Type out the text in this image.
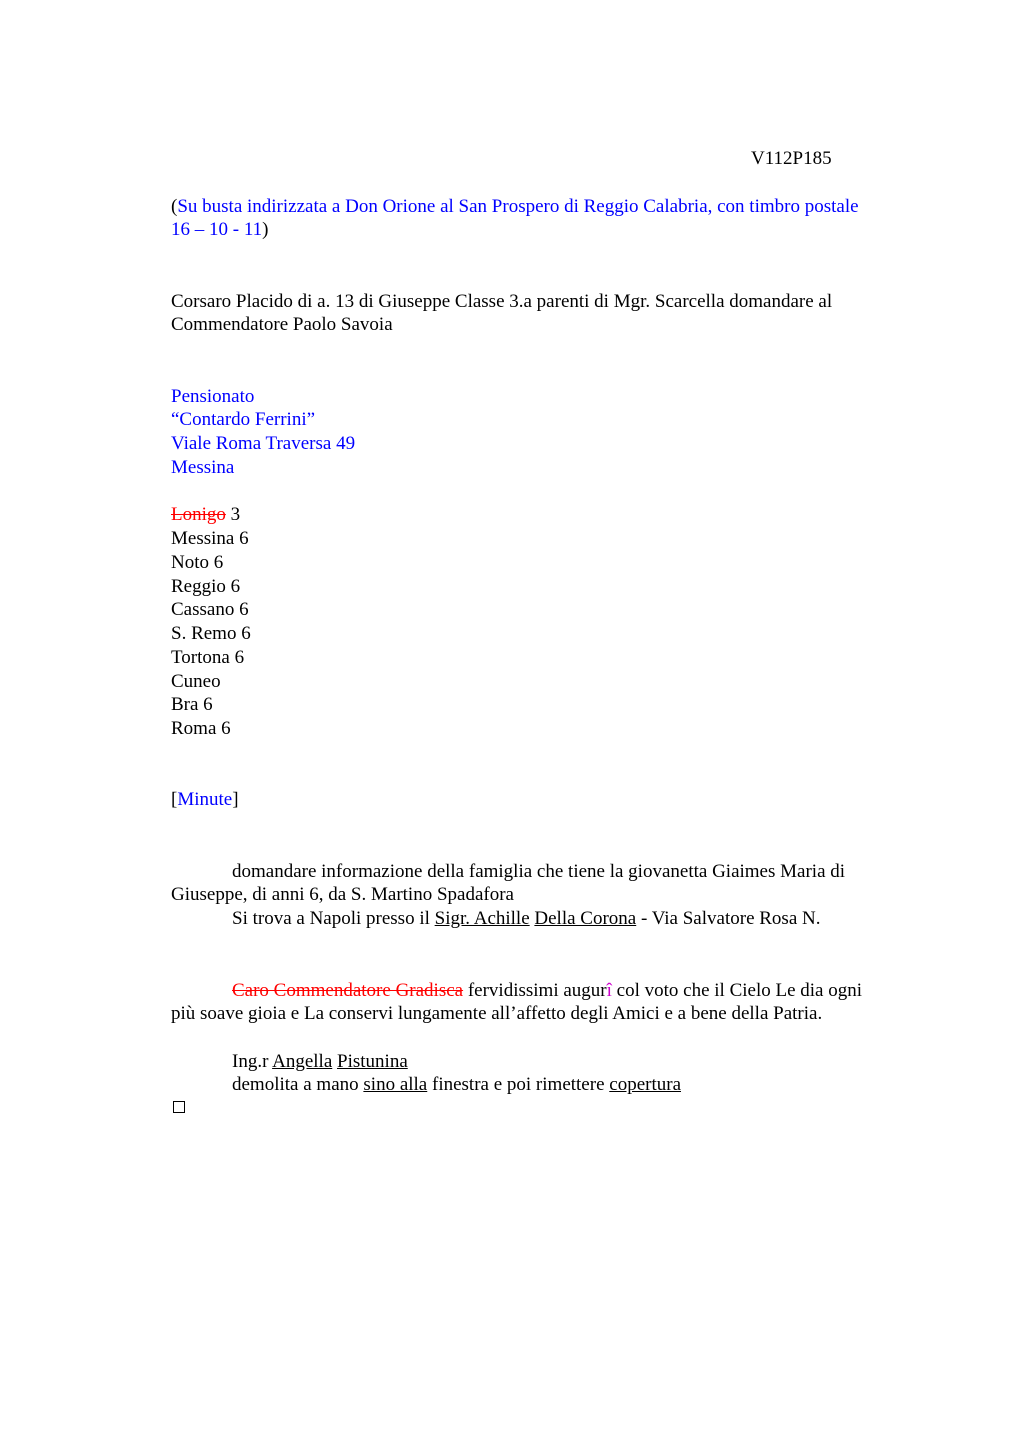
V112P185
(Su busta indirizzata a Don Orione al San Prospero di Reggio Calabria, con timbro postale
16 – 10 - 11)
Corsaro Placido di a. 13 di Giuseppe Classe 3.a parenti di Mgr. Scarcella domandare al
Commendatore Paolo Savoia
Pensionato
“Contardo Ferrini”
Viale Roma Traversa 49
Messina
Lonigo 3
Messina 6
Noto 6
Reggio 6
Cassano 6
S. Remo 6
Tortona 6
Cuneo
Bra 6
Roma 6
[Minute]
domandare informazione della famiglia che tiene la giovanetta Giaimes Maria di
Giuseppe, di anni 6, da S. Martino Spadafora
Si trova a Napoli presso il Sigr. Achille Della Corona - Via Salvatore Rosa N.
Caro Commendatore Gradisca fervidissimi augurî col voto che il Cielo Le dia ogni
più soave gioia e La conservi lungamente all’affetto degli Amici e a bene della Patria.
Ing.r Angella Pistunina
demolita a mano sino alla finestra e poi rimettere copertura
